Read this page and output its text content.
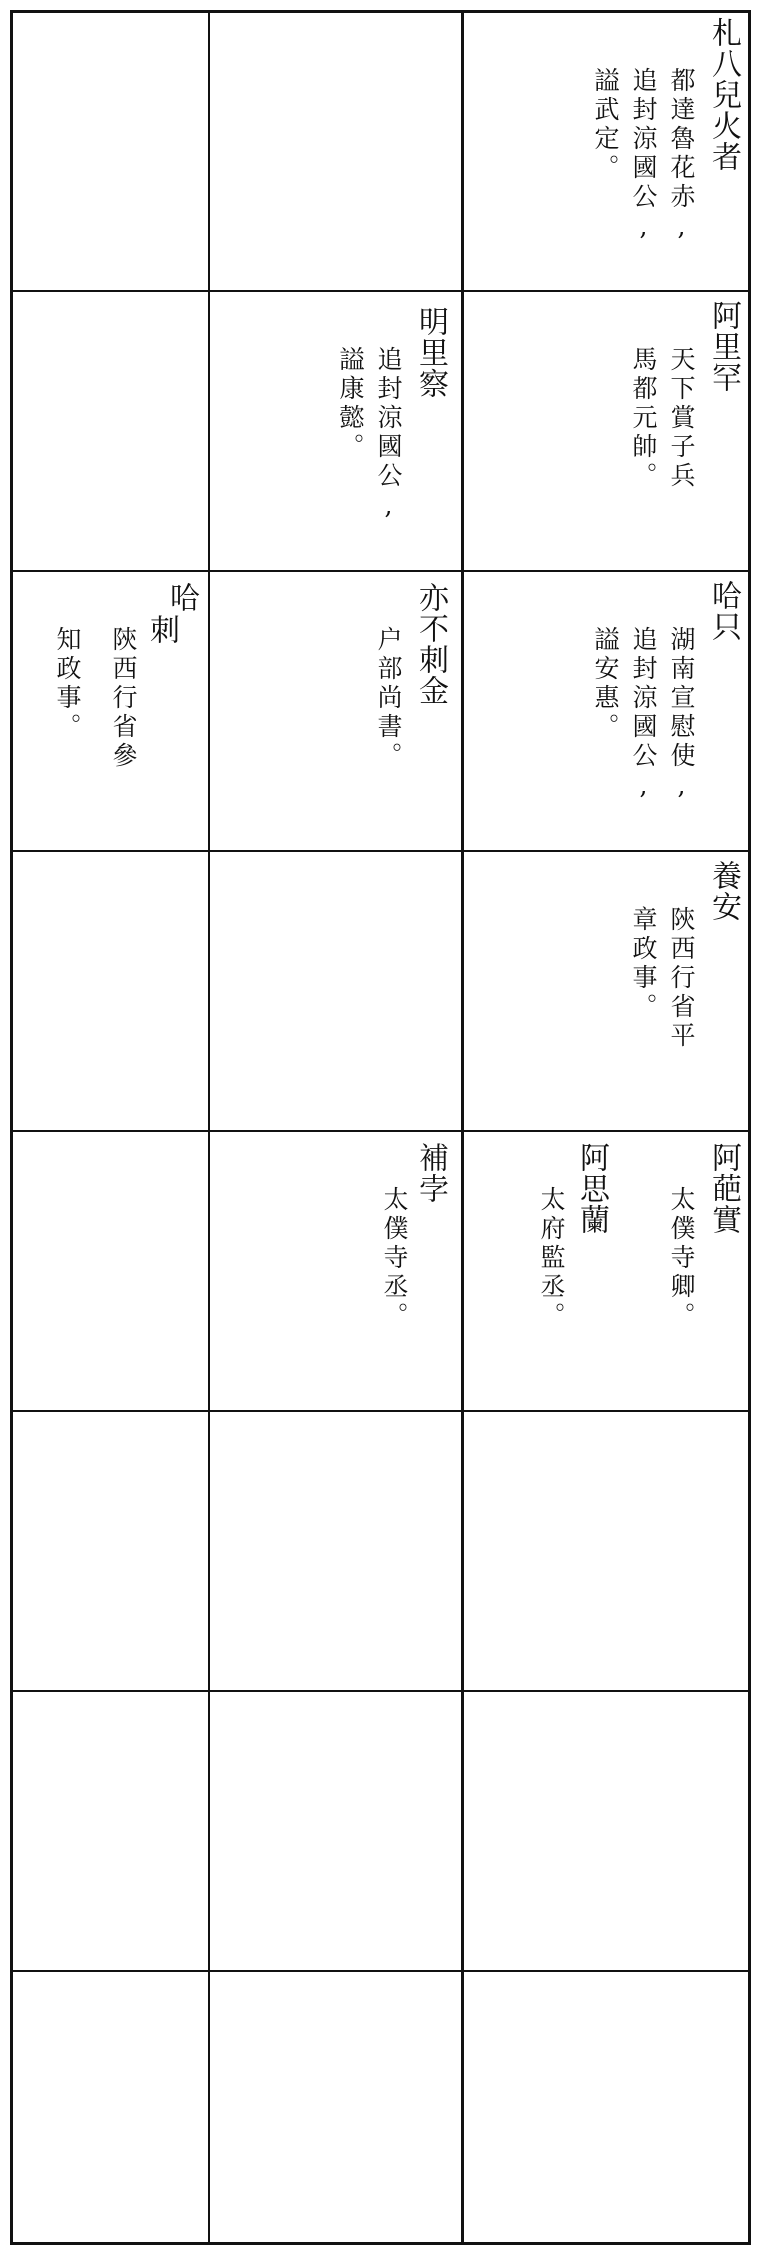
札八兒火者
都達魯花赤,
追封涼國公,
謚武定。
阿里罕
天下賞子兵
馬都元帥。
明里察
追封涼國公,
謚康懿。
哈只
湖南宣慰使,
追封涼國公,
謚安惠。
亦不刺金
户部尚書。
哈
刺
陝西行省參
知政事。
養安
陝西行省平
章政事。
阿葩實
太僕寺卿。
阿思蘭
太府監丞。
補孛
太僕寺丞。
